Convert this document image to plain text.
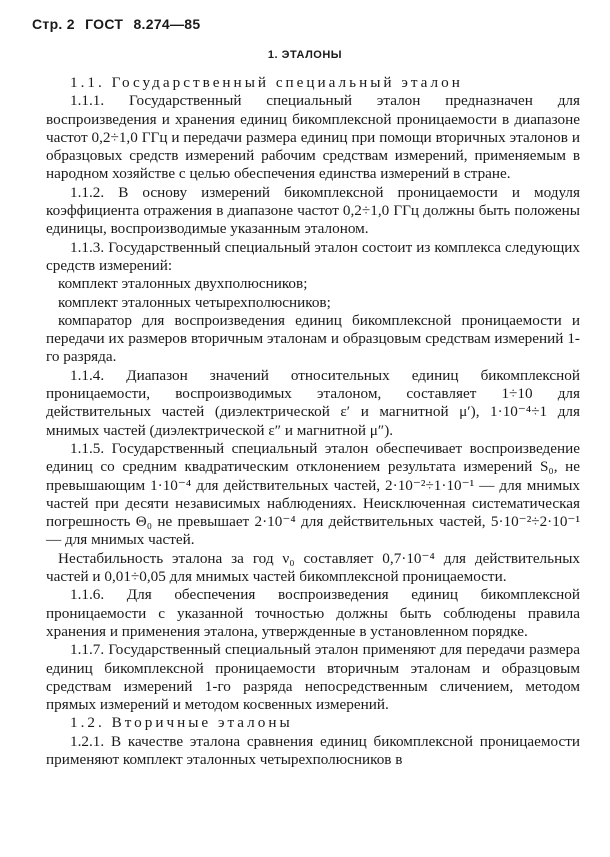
Стр. 2 ГОСТ 8.274—85
1. ЭТАЛОНЫ

1.1. Государственный специальный эталон

1.1.1. Государственный специальный эталон предназначен для воспроизведения и хранения единиц бикомплексной проницаемости в диапазоне частот 0,2÷1,0 ГГц и передачи размера единиц при помощи вторичных эталонов и образцовых средств измерений рабочим средствам измерений, применяемым в народном хозяйстве с целью обеспечения единства измерений в стране.

1.1.2. В основу измерений бикомплексной проницаемости и модуля коэффициента отражения в диапазоне частот 0,2÷1,0 ГГц должны быть положены единицы, воспроизводимые указанным эталоном.

1.1.3. Государственный специальный эталон состоит из комплекса следующих средств измерений:

комплект эталонных двухполюсников;

комплект эталонных четырехполюсников;

компаратор для воспроизведения единиц бикомплексной проницаемости и передачи их размеров вторичным эталонам и образцовым средствам измерений 1-го разряда.

1.1.4. Диапазон значений относительных единиц бикомплексной проницаемости, воспроизводимых эталоном, составляет 1÷10 для действительных частей (диэлектрической ε′ и магнитной μ′), 1·10⁻⁴÷1 для мнимых частей (диэлектрической ε″ и магнитной μ″).

1.1.5. Государственный специальный эталон обеспечивает воспроизведение единиц со средним квадратическим отклонением результата измерений S₀, не превышающим 1·10⁻⁴ для действительных частей, 2·10⁻²÷1·10⁻¹ — для мнимых частей при десяти независимых наблюдениях. Неисключенная систематическая погрешность Θ₀ не превышает 2·10⁻⁴ для действительных частей, 5·10⁻²÷2·10⁻¹ — для мнимых частей.

Нестабильность эталона за год ν₀ составляет 0,7·10⁻⁴ для действительных частей и 0,01÷0,05 для мнимых частей бикомплексной проницаемости.

1.1.6. Для обеспечения воспроизведения единиц бикомплексной проницаемости с указанной точностью должны быть соблюдены правила хранения и применения эталона, утвержденные в установленном порядке.

1.1.7. Государственный специальный эталон применяют для передачи размера единиц бикомплексной проницаемости вторичным эталонам и образцовым средствам измерений 1-го разряда непосредственным сличением, методом прямых измерений и методом косвенных измерений.

1.2. Вторичные эталоны

1.2.1. В качестве эталона сравнения единиц бикомплексной проницаемости применяют комплект эталонных четырехполюсников в
